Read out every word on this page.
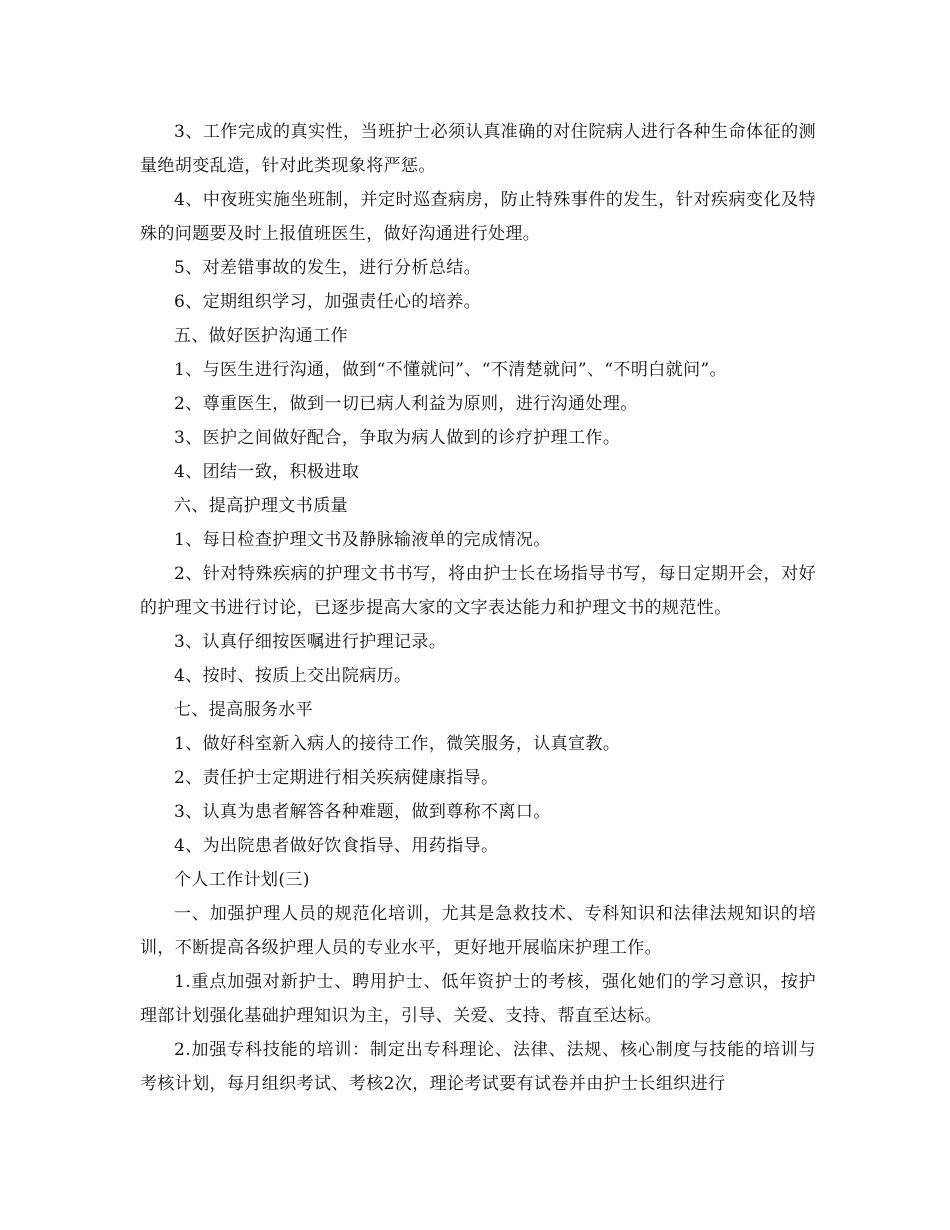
3、工作完成的真实性，当班护士必须认真准确的对住院病人进行各种生命体征的测量绝胡变乱造，针对此类现象将严惩。

4、中夜班实施坐班制，并定时巡查病房，防止特殊事件的发生，针对疾病变化及特殊的问题要及时上报值班医生，做好沟通进行处理。

5、对差错事故的发生，进行分析总结。

6、定期组织学习，加强责任心的培养。

五、做好医护沟通工作

1、与医生进行沟通，做到“不懂就问”、“不清楚就问”、“不明白就问”。

2、尊重医生，做到一切已病人利益为原则，进行沟通处理。

3、医护之间做好配合，争取为病人做到的诊疗护理工作。

4、团结一致，积极进取

六、提高护理文书质量

1、每日检查护理文书及静脉输液单的完成情况。

2、针对特殊疾病的护理文书书写，将由护士长在场指导书写，每日定期开会，对好的护理文书进行讨论，已逐步提高大家的文字表达能力和护理文书的规范性。

3、认真仔细按医嘱进行护理记录。

4、按时、按质上交出院病历。

七、提高服务水平

1、做好科室新入病人的接待工作，微笑服务，认真宣教。

2、责任护士定期进行相关疾病健康指导。

3、认真为患者解答各种难题，做到尊称不离口。

4、为出院患者做好饮食指导、用药指导。

个人工作计划(三)

一、加强护理人员的规范化培训，尤其是急救技术、专科知识和法律法规知识的培训，不断提高各级护理人员的专业水平，更好地开展临床护理工作。

1.重点加强对新护士、聘用护士、低年资护士的考核，强化她们的学习意识，按护理部计划强化基础护理知识为主，引导、关爱、支持、帮直至达标。

2.加强专科技能的培训：制定出专科理论、法律、法规、核心制度与技能的培训与考核计划，每月组织考试、考核2次，理论考试要有试卷并由护士长组织进行
